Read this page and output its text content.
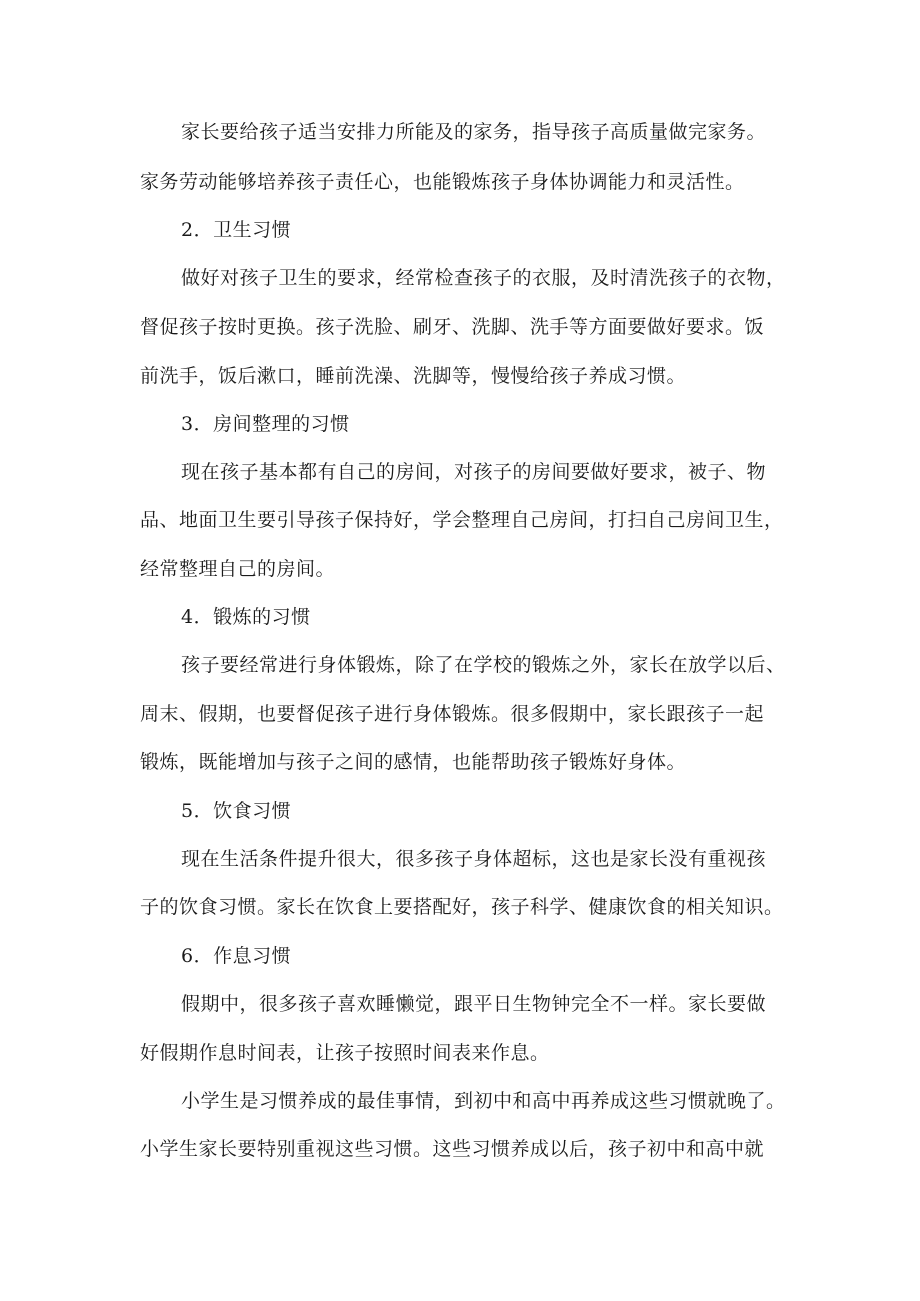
家长要给孩子适当安排力所能及的家务，指导孩子高质量做完家务。
家务劳动能够培养孩子责任心，也能锻炼孩子身体协调能力和灵活性。
2．卫生习惯
做好对孩子卫生的要求，经常检查孩子的衣服，及时清洗孩子的衣物，
督促孩子按时更换。孩子洗脸、刷牙、洗脚、洗手等方面要做好要求。饭
前洗手，饭后漱口，睡前洗澡、洗脚等，慢慢给孩子养成习惯。
3．房间整理的习惯
现在孩子基本都有自己的房间，对孩子的房间要做好要求，被子、物
品、地面卫生要引导孩子保持好，学会整理自己房间，打扫自己房间卫生，
经常整理自己的房间。
4．锻炼的习惯
孩子要经常进行身体锻炼，除了在学校的锻炼之外，家长在放学以后、
周末、假期，也要督促孩子进行身体锻炼。很多假期中，家长跟孩子一起
锻炼，既能增加与孩子之间的感情，也能帮助孩子锻炼好身体。
5．饮食习惯
现在生活条件提升很大，很多孩子身体超标，这也是家长没有重视孩
子的饮食习惯。家长在饮食上要搭配好，孩子科学、健康饮食的相关知识。
6．作息习惯
假期中，很多孩子喜欢睡懒觉，跟平日生物钟完全不一样。家长要做
好假期作息时间表，让孩子按照时间表来作息。
小学生是习惯养成的最佳事情，到初中和高中再养成这些习惯就晚了。
小学生家长要特别重视这些习惯。这些习惯养成以后，孩子初中和高中就
